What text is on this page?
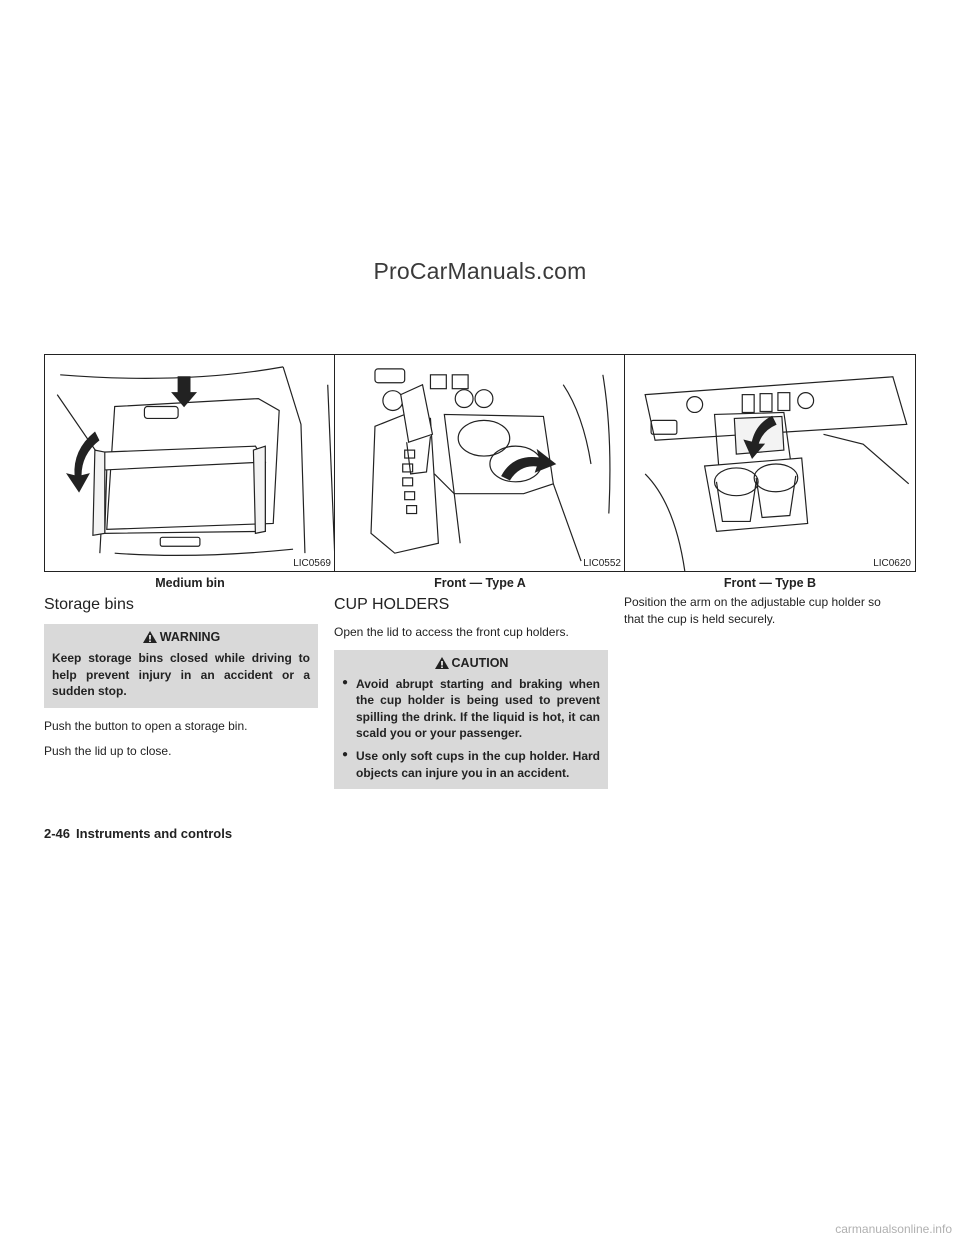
ProCarManuals.com
LIC0569
Medium bin
LIC0552
Front — Type A
LIC0620
Front — Type B
Storage bins
WARNING

Keep storage bins closed while driving to help prevent injury in an accident or a sudden stop.

Push the button to open a storage bin.

Push the lid up to close.

CUP HOLDERS

Open the lid to access the front cup holders.

CAUTION
● Avoid abrupt starting and braking when the cup holder is being used to prevent spilling the drink. If the liquid is hot, it can scald you or your passenger.
● Use only soft cups in the cup holder. Hard objects can injure you in an accident.

Position the arm on the adjustable cup holder so that the cup is held securely.

2-46 Instruments and controls
carmanualsonline.info
